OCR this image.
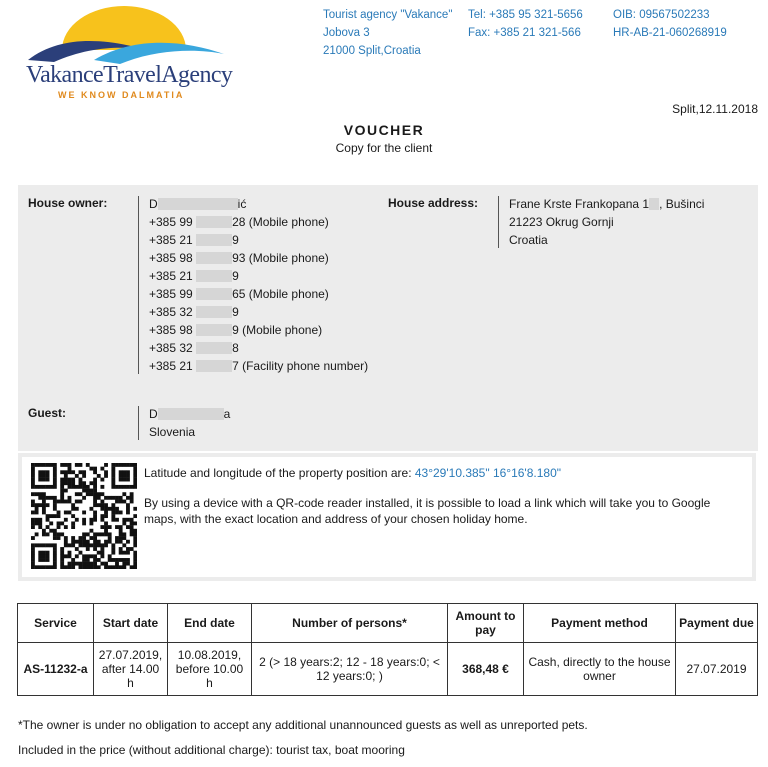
VakanceTravelAgency
WE KNOW DALMATIA
Tourist agency "Vakance"
Jobova 3
21000 Split,Croatia
Tel: +385 95 321-5656
Fax: +385 21 321-566
OIB: 09567502233
HR-AB-21-060268919
Split,12.11.2018
VOUCHER
Copy for the client
House owner:	D	ić
+385 99	28 (Mobile phone)
+385 21	9
+385 98	93 (Mobile phone)
+385 21	9
+385 99	65 (Mobile phone)
+385 32	9
+385 98	9 (Mobile phone)
+385 32	8
+385 21	7 (Facility phone number)
House address:	Frane Krste Frankopana 1 , Bušinci
21223 Okrug Gornji
Croatia
Guest:	D	a
Slovenia
Latitude and longitude of the property position are: 43°29'10.385" 16°16'8.180"
By using a device with a QR-code reader installed, it is possible to load a link which will take you to Google maps, with the exact location and address of your chosen holiday home.
Service	Start date	End date	Number of persons*	Amount to pay	Payment method	Payment due
AS-11232-a	27.07.2019, after 14.00 h	10.08.2019, before 10.00 h	2 (> 18 years:2; 12 - 18 years:0; < 12 years:0; )	368,48 €	Cash, directly to the house owner	27.07.2019
*The owner is under no obligation to accept any additional unannounced guests as well as unreported pets.
Included in the price (without additional charge): tourist tax, boat mooring
